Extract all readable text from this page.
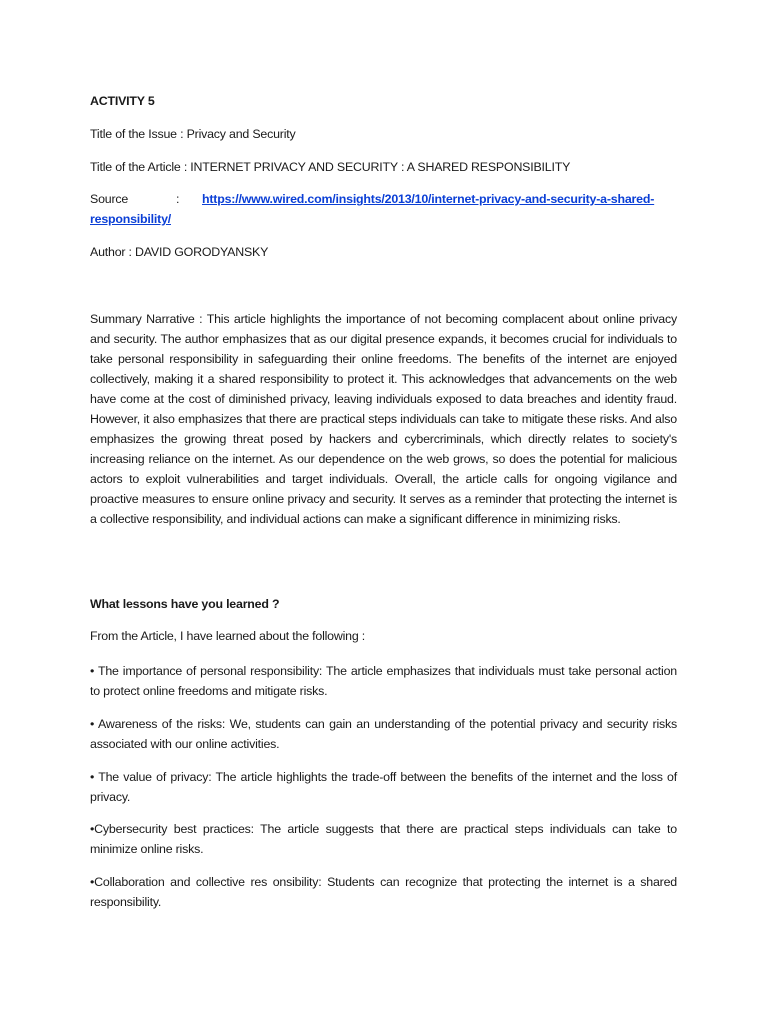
ACTIVITY 5
Title of the Issue : Privacy and Security
Title of the Article : INTERNET PRIVACY AND SECURITY : A SHARED RESPONSIBILITY
Source	: https://www.wired.com/insights/2013/10/internet-privacy-and-security-a-shared-
responsibility/
Author : DAVID GORODYANSKY
Summary Narrative : This article highlights the importance of not becoming complacent about online privacy and security. The author emphasizes that as our digital presence expands, it becomes crucial for individuals to take personal responsibility in safeguarding their online freedoms. The benefits of the internet are enjoyed collectively, making it a shared responsibility to protect it. This acknowledges that advancements on the web have come at the cost of diminished privacy, leaving individuals exposed to data breaches and identity fraud. However, it also emphasizes that there are practical steps individuals can take to mitigate these risks. And also emphasizes the growing threat posed by hackers and cybercriminals, which directly relates to society's increasing reliance on the internet. As our dependence on the web grows, so does the potential for malicious actors to exploit vulnerabilities and target individuals. Overall, the article calls for ongoing vigilance and proactive measures to ensure online privacy and security. It serves as a reminder that protecting the internet is a collective responsibility, and individual actions can make a significant difference in minimizing risks.
What lessons have you learned ?
From the Article, I have learned about the following :
• The importance of personal responsibility: The article emphasizes that individuals must take personal action to protect online freedoms and mitigate risks.
• Awareness of the risks: We, students can gain an understanding of the potential privacy and security risks associated with our online activities.
• The value of privacy: The article highlights the trade-off between the benefits of the internet and the loss of privacy.
•Cybersecurity best practices: The article suggests that there are practical steps individuals can take to minimize online risks.
•Collaboration and collective res onsibility: Students can recognize that protecting the internet is a shared responsibility.
